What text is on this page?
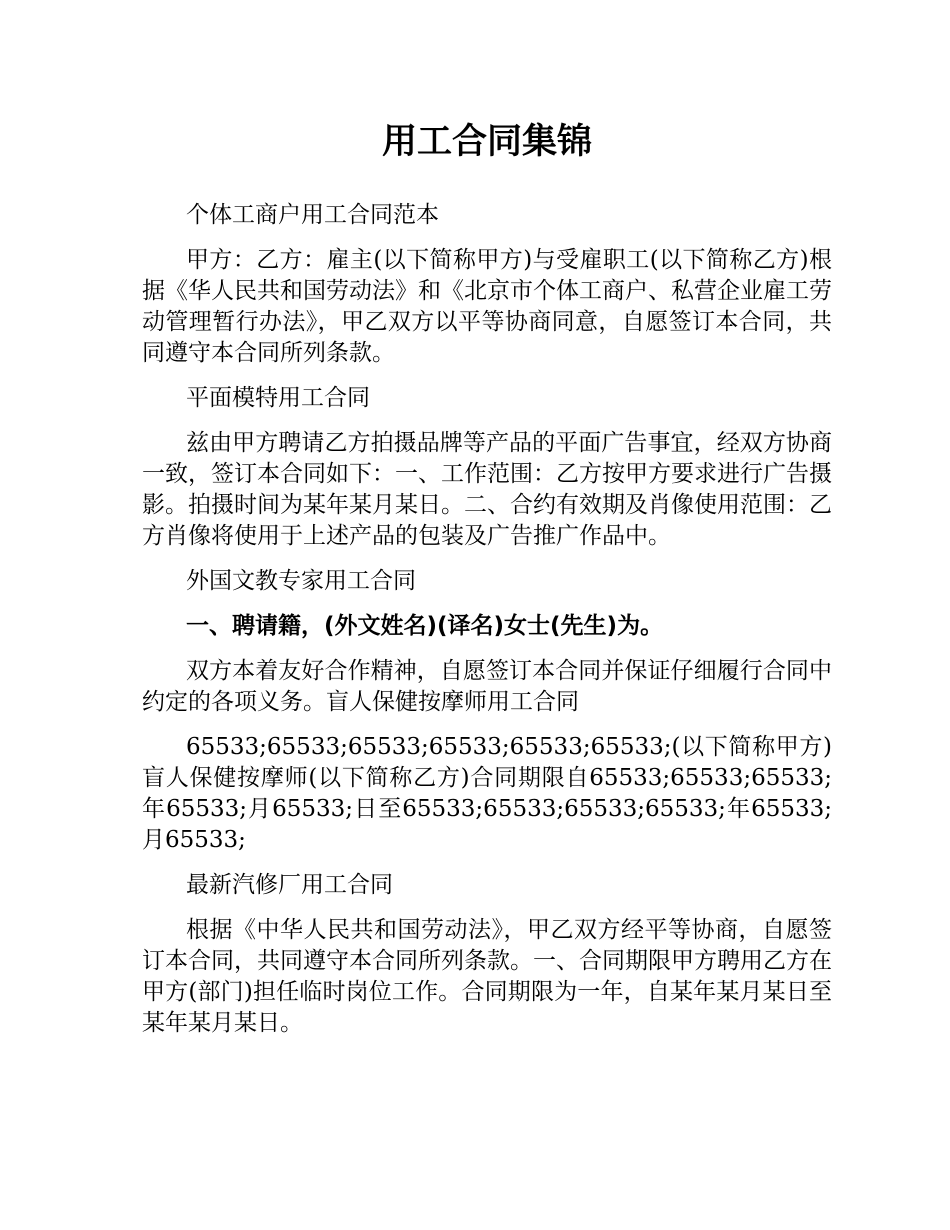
用工合同集锦

个体工商户用工合同范本

甲方：乙方：雇主(以下简称甲方)与受雇职工(以下简称乙方)根据《华人民共和国劳动法》和《北京市个体工商户、私营企业雇工劳动管理暂行办法》，甲乙双方以平等协商同意，自愿签订本合同，共同遵守本合同所列条款。

平面模特用工合同

兹由甲方聘请乙方拍摄品牌等产品的平面广告事宜，经双方协商一致，签订本合同如下：一、工作范围：乙方按甲方要求进行广告摄影。拍摄时间为某年某月某日。二、合约有效期及肖像使用范围：乙方肖像将使用于上述产品的包装及广告推广作品中。

外国文教专家用工合同

一、聘请籍，(外文姓名)(译名)女士(先生)为。

双方本着友好合作精神，自愿签订本合同并保证仔细履行合同中约定的各项义务。盲人保健按摩师用工合同

65533;65533;65533;65533;65533;65533;(以下简称甲方)盲人保健按摩师(以下简称乙方)合同期限自65533;65533;65533;年65533;月65533;日至65533;65533;65533;65533;年65533;月65533;

最新汽修厂用工合同

根据《中华人民共和国劳动法》，甲乙双方经平等协商，自愿签订本合同，共同遵守本合同所列条款。一、合同期限甲方聘用乙方在甲方(部门)担任临时岗位工作。合同期限为一年，自某年某月某日至某年某月某日。
